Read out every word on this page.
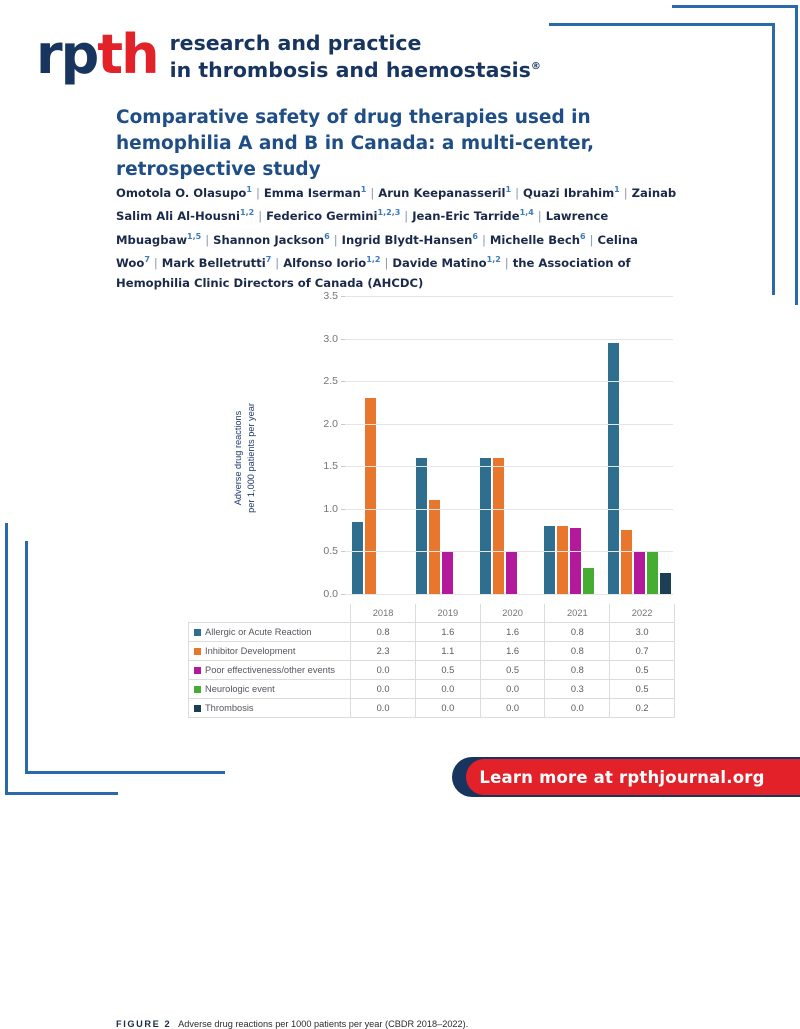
rpth research and practice
in thrombosis and haemostasis®
Comparative safety of drug therapies used in hemophilia A and B in Canada: a multi-center, retrospective study
Omotola O. Olasupo$^1$ | Emma Iserman$^1$ | Arun Keepanasseril$^1$ | Quazi Ibrahim$^1$ | Zainab Salim Ali Al-Housni$^{1,2}$ | Federico Germini$^{1,2,3}$ | Jean-Eric Tarride$^{1,4}$ | Lawrence Mbuagbaw$^{1,5}$ | Shannon Jackson$^6$ | Ingrid Blydt-Hansen$^6$ | Michelle Bech$^6$ | Celina Woo$^7$ | Mark Belletrutti$^7$ | Alfonso Iorio$^{1,2}$ | Davide Matino$^{1,2}$ | the Association of Hemophilia Clinic Directors of Canada (AHCDC)
Adverse drug reactions per 1,000 patients per year
0.0
0.5
1.0
1.5
2.0
2.5
3.0
3.5
	2018	2019	2020	2021	2022
Allergic or Acute Reaction	0.8	1.6	1.6	0.8	3.0
Inhibitor Development	2.3	1.1	1.6	0.8	0.7
Poor effectiveness/other events	0.0	0.5	0.5	0.8	0.5
Neurologic event	0.0	0.0	0.0	0.3	0.5
Thrombosis	0.0	0.0	0.0	0.0	0.2
FIGURE 2 Adverse drug reactions per 1000 patients per year (CBDR 2018–2022).
Learn more at rpthjournal.org
